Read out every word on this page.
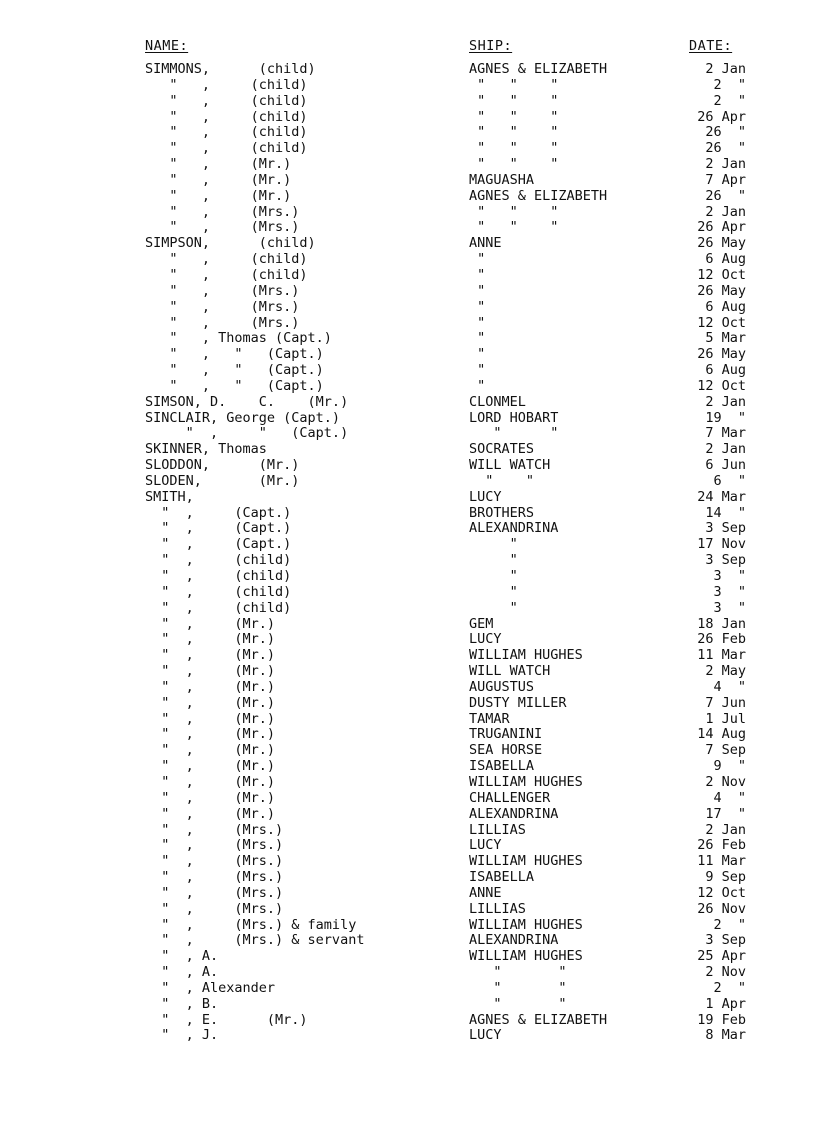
NAME:	SHIP:	DATE:
SIMMONS,      (child)	AGNES & ELIZABETH	2 Jan
"   ,     (child)	"   "    "	2  "
"   ,     (child)	"   "    "	2  "
"   ,     (child)	"   "    "	26 Apr
"   ,     (child)	"   "    "	26  "
"   ,     (child)	"   "    "	26  "
"   ,     (Mr.)	"   "    "	2 Jan
"   ,     (Mr.)	MAGUASHA	7 Apr
"   ,     (Mr.)	AGNES & ELIZABETH	26  "
"   ,     (Mrs.)	"   "    "	2 Jan
"   ,     (Mrs.)	"   "    "	26 Apr
SIMPSON,      (child)	ANNE	26 May
"   ,     (child)	"	6 Aug
"   ,     (child)	"	12 Oct
"   ,     (Mrs.)	"	26 May
"   ,     (Mrs.)	"	6 Aug
"   ,     (Mrs.)	"	12 Oct
"   , Thomas (Capt.)	"	5 Mar
"   ,   "   (Capt.)	"	26 May
"   ,   "   (Capt.)	"	6 Aug
"   ,   "   (Capt.)	"	12 Oct
SIMSON, D.    C.    (Mr.)	CLONMEL	2 Jan
SINCLAIR, George (Capt.)	LORD HOBART	19  "
"  ,     "   (Capt.)	"      "	7 Mar
SKINNER, Thomas	SOCRATES	2 Jan
SLODDON,      (Mr.)	WILL WATCH	6 Jun
SLODEN,       (Mr.)	"    "	6  "
SMITH,	LUCY	24 Mar
"  ,     (Capt.)	BROTHERS	14  "
"  ,     (Capt.)	ALEXANDRINA	3 Sep
"  ,     (Capt.)	"	17 Nov
"  ,     (child)	"	3 Sep
"  ,     (child)	"	3  "
"  ,     (child)	"	3  "
"  ,     (child)	"	3  "
"  ,     (Mr.)	GEM	18 Jan
"  ,     (Mr.)	LUCY	26 Feb
"  ,     (Mr.)	WILLIAM HUGHES	11 Mar
"  ,     (Mr.)	WILL WATCH	2 May
"  ,     (Mr.)	AUGUSTUS	4  "
"  ,     (Mr.)	DUSTY MILLER	7 Jun
"  ,     (Mr.)	TAMAR	1 Jul
"  ,     (Mr.)	TRUGANINI	14 Aug
"  ,     (Mr.)	SEA HORSE	7 Sep
"  ,     (Mr.)	ISABELLA	9  "
"  ,     (Mr.)	WILLIAM HUGHES	2 Nov
"  ,     (Mr.)	CHALLENGER	4  "
"  ,     (Mr.)	ALEXANDRINA	17  "
"  ,     (Mrs.)	LILLIAS	2 Jan
"  ,     (Mrs.)	LUCY	26 Feb
"  ,     (Mrs.)	WILLIAM HUGHES	11 Mar
"  ,     (Mrs.)	ISABELLA	9 Sep
"  ,     (Mrs.)	ANNE	12 Oct
"  ,     (Mrs.)	LILLIAS	26 Nov
"  ,     (Mrs.) & family	WILLIAM HUGHES	2  "
"  ,     (Mrs.) & servant	ALEXANDRINA	3 Sep
"  , A.	WILLIAM HUGHES	25 Apr
"  , A.	"       "	2 Nov
"  , Alexander	"       "	2  "
"  , B.	"       "	1 Apr
"  , E.      (Mr.)	AGNES & ELIZABETH	19 Feb
"  , J.	LUCY	8 Mar
